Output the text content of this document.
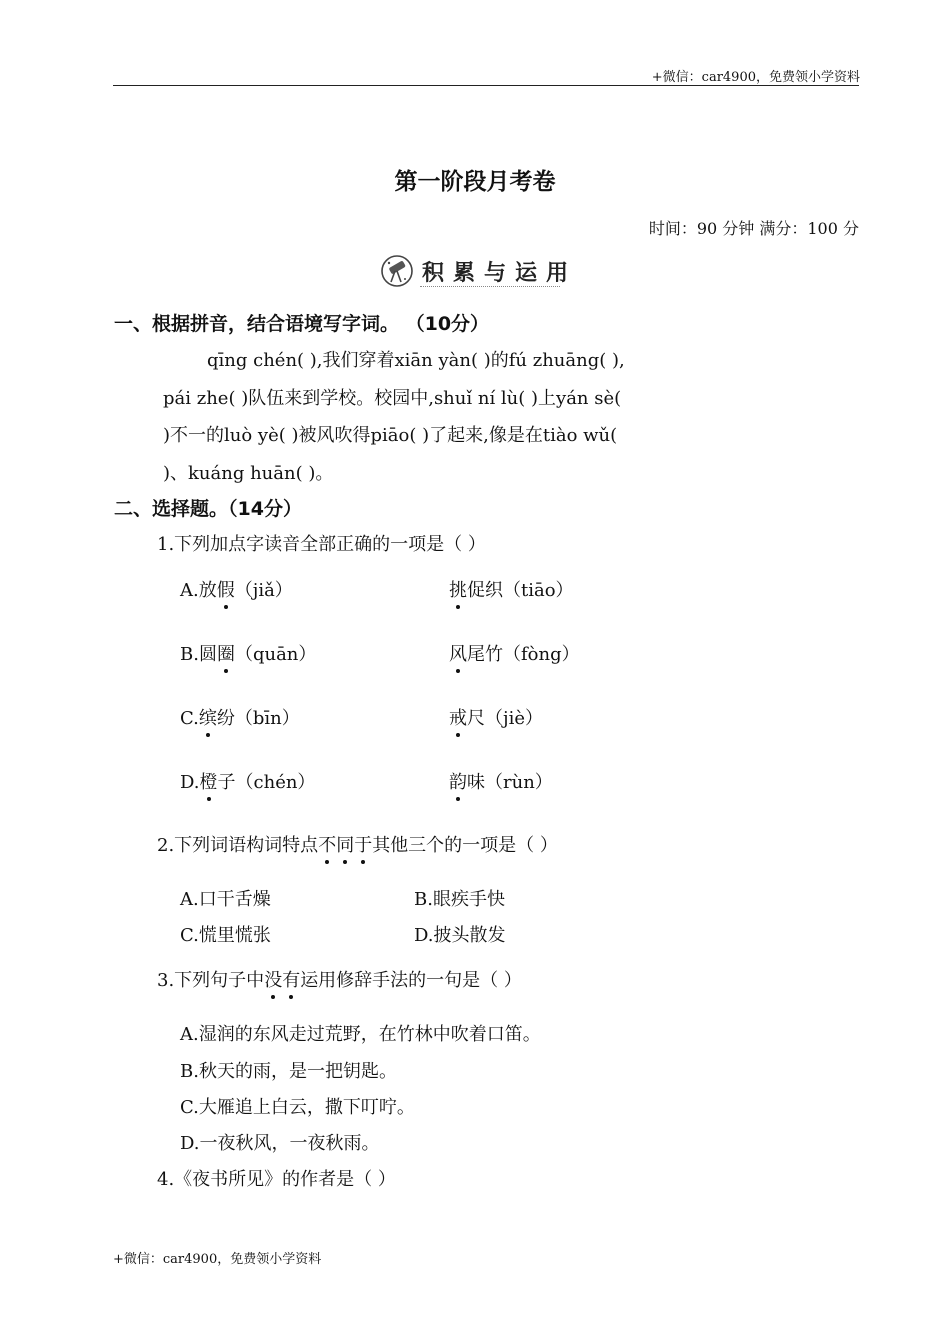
+微信：car4900，免费领小学资料
第一阶段月考卷
时间：90 分钟 满分：100 分
积累与运用
一、根据拼音，结合语境写字词。 （10分）
qīng chén( ),我们穿着xiān yàn( )的fú zhuāng( ),
pái zhe( )队伍来到学校。校园中,shuǐ ní lù( )上yán sè(
)不一的luò yè( )被风吹得piāo( )了起来,像是在tiào wǔ(
)、kuáng huān( )。
二、选择题。（14分）
1.下列加点字读音全部正确的一项是（ ）
A.放假（jiǎ）	挑促织（tiāo）
B.圆圈（quān）	风尾竹（fòng）
C.缤纷（bīn）	戒尺（jiè）
D.橙子（chén）	韵味（rùn）
2.下列词语构词特点不同于其他三个的一项是（ ）
A.口干舌燥	B.眼疾手快
C.慌里慌张	D.披头散发
3.下列句子中没有运用修辞手法的一句是（ ）
A.湿润的东风走过荒野，在竹林中吹着口笛。
B.秋天的雨，是一把钥匙。
C.大雁追上白云，撒下叮咛。
D.一夜秋风，一夜秋雨。
4.《夜书所见》的作者是（ ）
+微信：car4900，免费领小学资料
